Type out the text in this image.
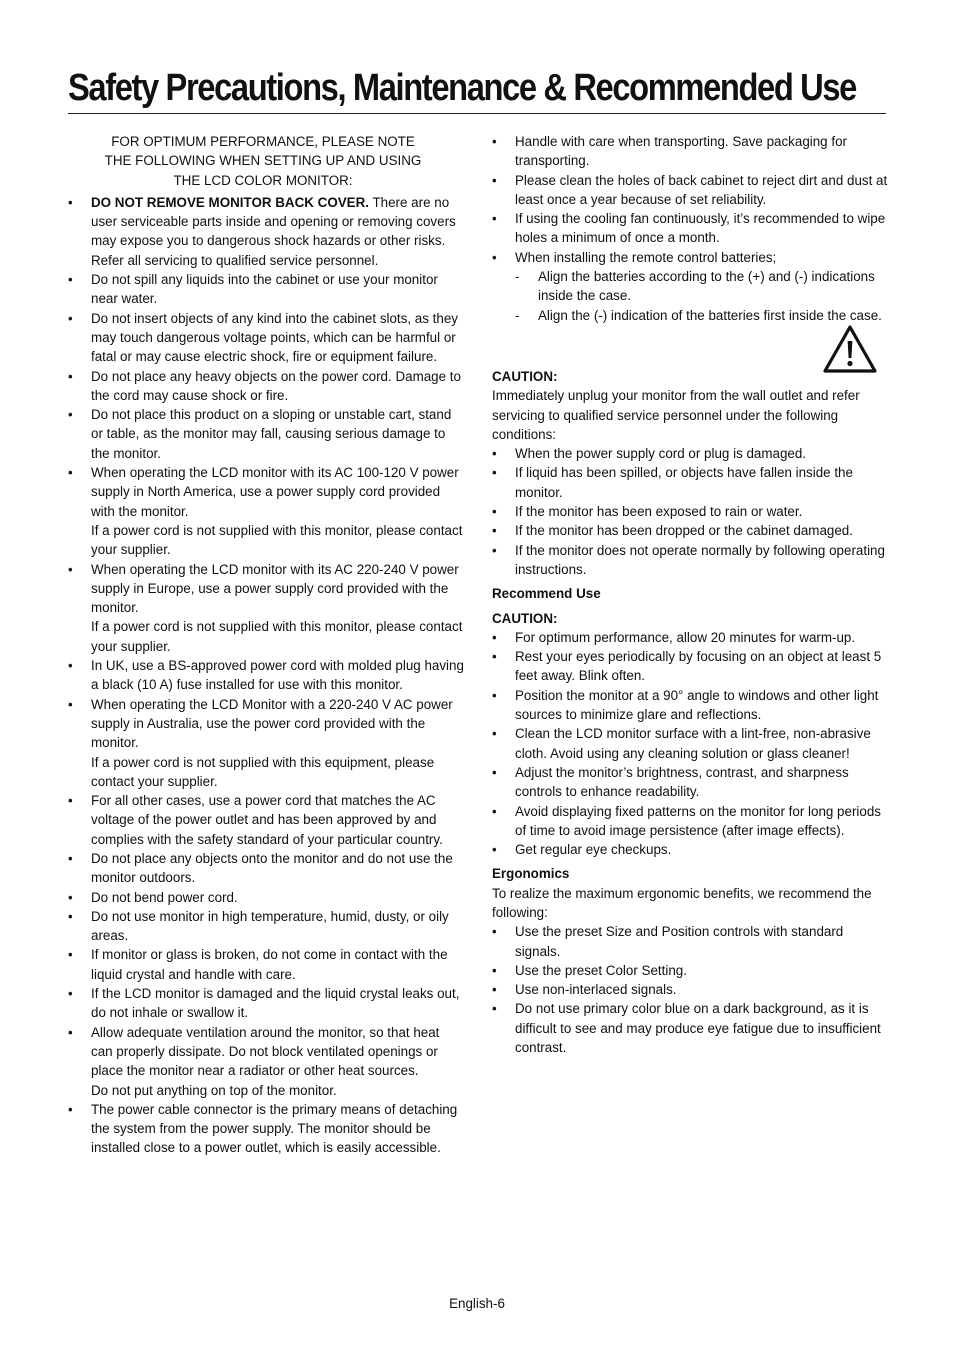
Safety Precautions, Maintenance & Recommended Use
FOR OPTIMUM PERFORMANCE, PLEASE NOTE
THE FOLLOWING WHEN SETTING UP AND USING
THE LCD COLOR MONITOR:
•	DO NOT REMOVE MONITOR BACK COVER. There are no user serviceable parts inside and opening or removing covers may expose you to dangerous shock hazards or other risks.
Refer all servicing to qualified service personnel.
•	Do not spill any liquids into the cabinet or use your monitor near water.
•	Do not insert objects of any kind into the cabinet slots, as they may touch dangerous voltage points, which can be harmful or fatal or may cause electric shock, fire or equipment failure.
•	Do not place any heavy objects on the power cord. Damage to the cord may cause shock or fire.
•	Do not place this product on a sloping or unstable cart, stand or table, as the monitor may fall, causing serious damage to the monitor.
•	When operating the LCD monitor with its AC 100-120 V power supply in North America, use a power supply cord provided with the monitor.
If a power cord is not supplied with this monitor, please contact your supplier.
•	When operating the LCD monitor with its AC 220-240 V power supply in Europe, use a power supply cord provided with the monitor.
If a power cord is not supplied with this monitor, please contact your supplier.
•	In UK, use a BS-approved power cord with molded plug having a black (10 A) fuse installed for use with this monitor.
•	When operating the LCD Monitor with a 220-240 V AC power supply in Australia, use the power cord provided with the monitor.
If a power cord is not supplied with this equipment, please contact your supplier.
•	For all other cases, use a power cord that matches the AC voltage of the power outlet and has been approved by and complies with the safety standard of your particular country.
•	Do not place any objects onto the monitor and do not use the monitor outdoors.
•	Do not bend power cord.
•	Do not use monitor in high temperature, humid, dusty, or oily areas.
•	If monitor or glass is broken, do not come in contact with the liquid crystal and handle with care.
•	If the LCD monitor is damaged and the liquid crystal leaks out, do not inhale or swallow it.
•	Allow adequate ventilation around the monitor, so that heat can properly dissipate. Do not block ventilated openings or place the monitor near a radiator or other heat sources.
Do not put anything on top of the monitor.
•	The power cable connector is the primary means of detaching the system from the power supply. The monitor should be installed close to a power outlet, which is easily accessible.
•	Handle with care when transporting. Save packaging for transporting.
•	Please clean the holes of back cabinet to reject dirt and dust at least once a year because of set reliability.
•	If using the cooling fan continuously, it’s recommended to wipe holes a minimum of once a month.
•	When installing the remote control batteries;
- Align the batteries according to the (+) and (-) indications inside the case.
- Align the (-) indication of the batteries first inside the case.

CAUTION:

Immediately unplug your monitor from the wall outlet and refer servicing to qualified service personnel under the following conditions:

•	When the power supply cord or plug is damaged.
•	If liquid has been spilled, or objects have fallen inside the monitor.
•	If the monitor has been exposed to rain or water.
•	If the monitor has been dropped or the cabinet damaged.
•	If the monitor does not operate normally by following operating instructions.

Recommend Use

CAUTION:

•	For optimum performance, allow 20 minutes for warm-up.
•	Rest your eyes periodically by focusing on an object at least 5 feet away. Blink often.
•	Position the monitor at a 90° angle to windows and other light sources to minimize glare and reflections.
•	Clean the LCD monitor surface with a lint-free, non-abrasive cloth. Avoid using any cleaning solution or glass cleaner!
•	Adjust the monitor’s brightness, contrast, and sharpness controls to enhance readability.
•	Avoid displaying fixed patterns on the monitor for long periods of time to avoid image persistence (after image effects).
•	Get regular eye checkups.

Ergonomics

To realize the maximum ergonomic benefits, we recommend the following:

•	Use the preset Size and Position controls with standard signals.
•	Use the preset Color Setting.
•	Use non-interlaced signals.
•	Do not use primary color blue on a dark background, as it is difficult to see and may produce eye fatigue due to insufficient contrast.
English-6
